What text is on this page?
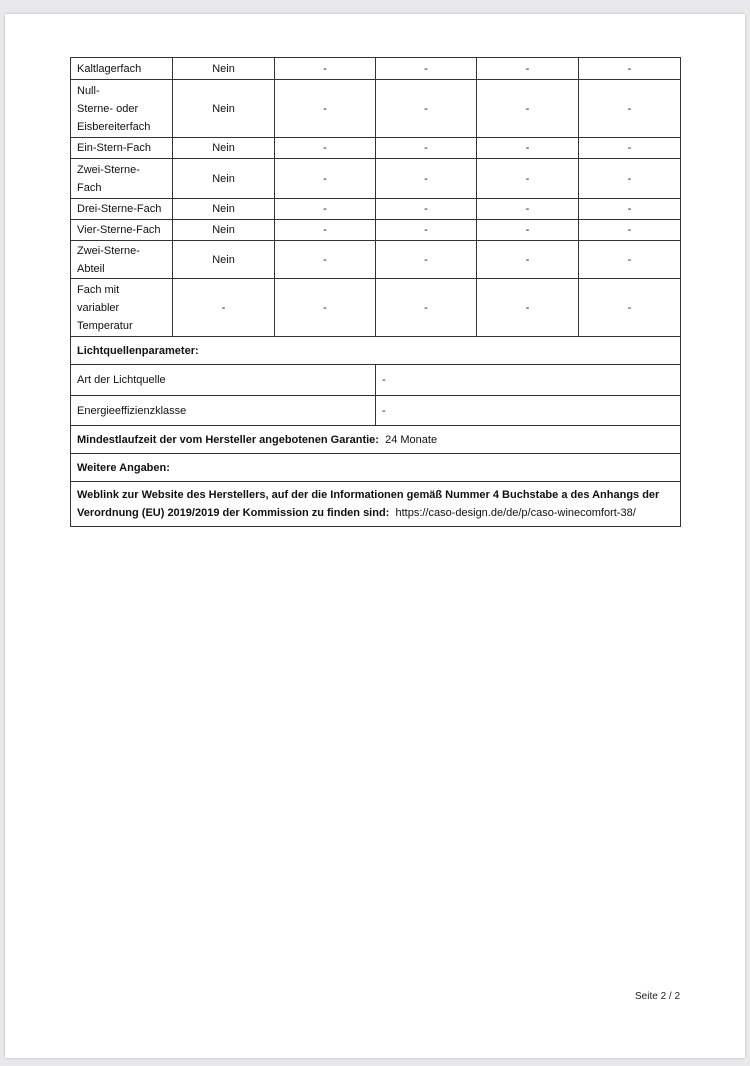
Kaltlagerfach	Nein	-	-	-	-
Null-
Sterne- oder
Eisbereiterfach	Nein	-	-	-	-
Ein-Stern-Fach	Nein	-	-	-	-
Zwei-Sterne-
Fach	Nein	-	-	-	-
Drei-Sterne-Fach	Nein	-	-	-	-
Vier-Sterne-Fach	Nein	-	-	-	-
Zwei-Sterne-
Abteil	Nein	-	-	-	-
Fach mit
variabler
Temperatur	-	-	-	-	-
Lichtquellenparameter:					
Art der Lichtquelle			-		
Energieeffizienzklasse			-		
Mindestlaufzeit der vom Hersteller angebotenen Garantie: 24 Monate					
Weitere Angaben:					
Weblink zur Website des Herstellers, auf der die Informationen gemäß Nummer 4 Buchstabe a des Anhangs der Verordnung (EU) 2019/2019 der Kommission zu finden sind: https://caso-design.de/de/p/caso-winecomfort-38/					
Seite 2 / 2
